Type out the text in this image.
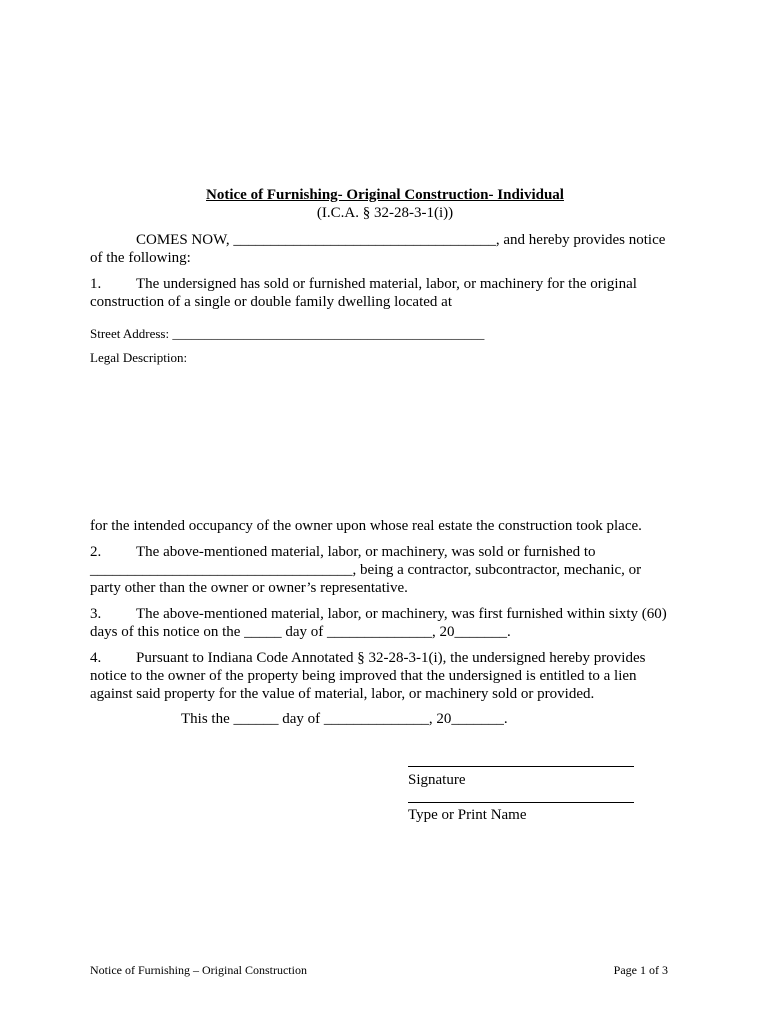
Notice of Furnishing- Original Construction- Individual
(I.C.A. § 32-28-3-1(i))
COMES NOW, ___________________________________, and hereby provides notice
of the following:
1. The undersigned has sold or furnished material, labor, or machinery for the original
construction of a single or double family dwelling located at
Street Address: ________________________________________________
Legal Description:
for the intended occupancy of the owner upon whose real estate the construction took place.
2. The above-mentioned material, labor, or machinery, was sold or furnished to
___________________________________, being a contractor, subcontractor, mechanic, or
party other than the owner or owner’s representative.
3. The above-mentioned material, labor, or machinery, was first furnished within sixty (60)
days of this notice on the _____ day of ______________, 20_______.
4. Pursuant to Indiana Code Annotated § 32-28-3-1(i), the undersigned hereby provides
notice to the owner of the property being improved that the undersigned is entitled to a lien
against said property for the value of material, labor, or machinery sold or provided.
This the ______ day of ______________, 20_______.
Signature
Type or Print Name
Notice of Furnishing – Original Construction	Page 1 of 3
